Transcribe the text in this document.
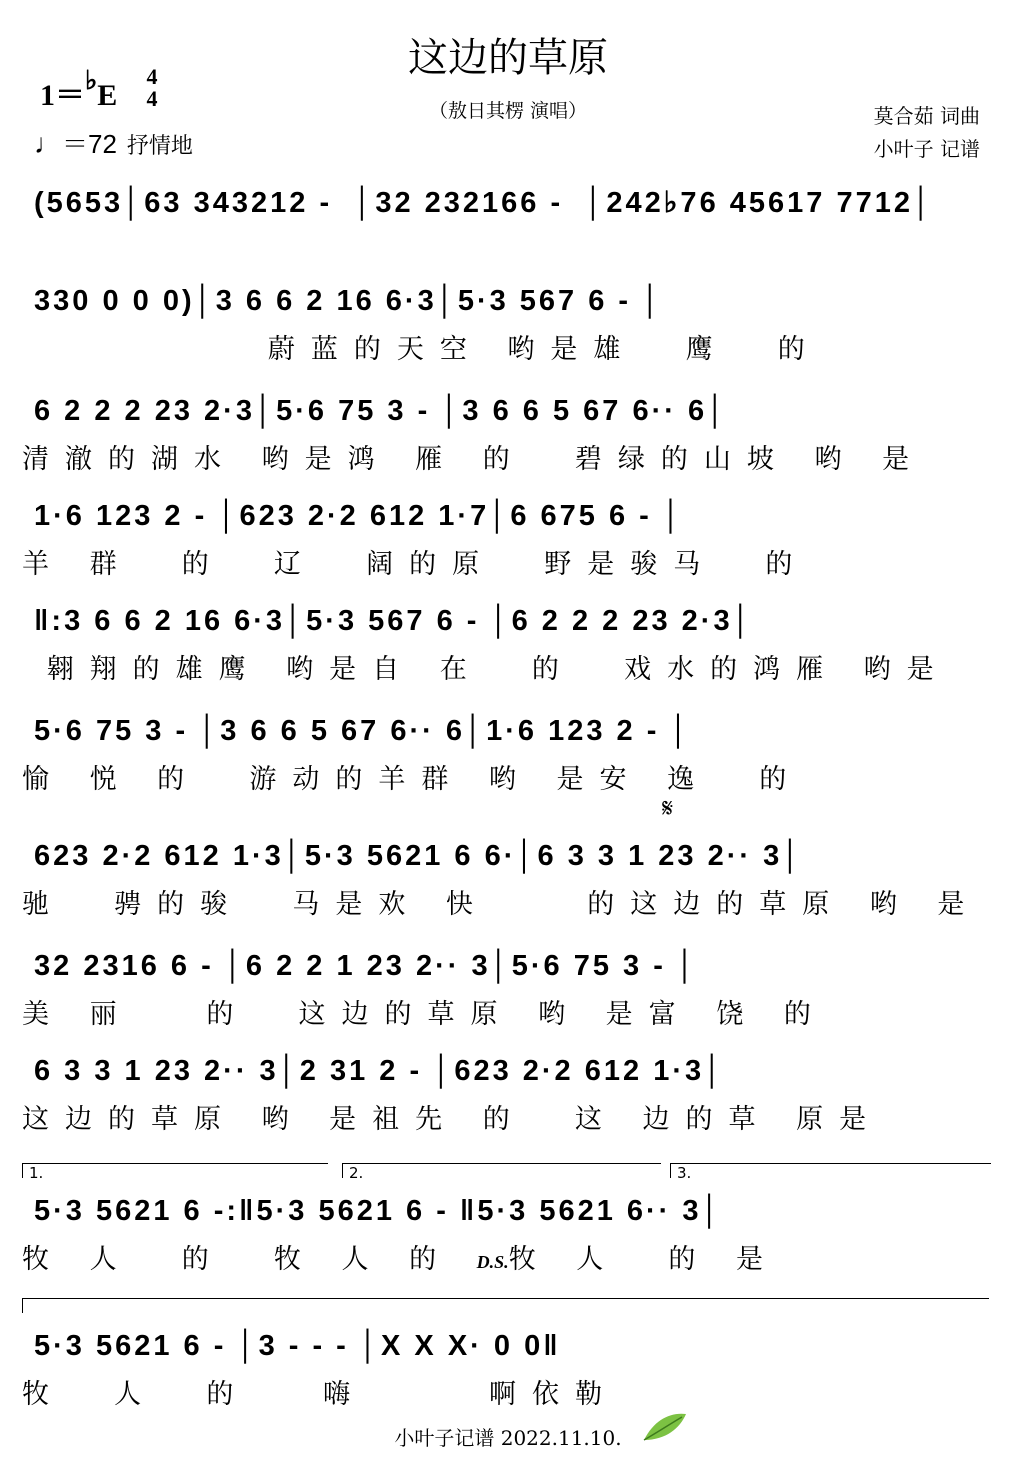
这边的草原
（敖日其楞 演唱）	莫合茹 词曲
小叶子 记谱
1＝♭E
4
4
♩＝72 抒情地
(5653│63 343212 -  │32 232166 -  │242♭76 45617 7712│
330 0 0 0)│3 6 6 2 16 6·3│5·3 567 6 - │
蔚蓝的天空 哟是雄  鹰  的
6 2 2 2 23 2·3│5·6 75 3 - │3 6 6 5 67 6·· 6│
清澈的湖水 哟是鸿 雁 的  碧绿的山坡 哟 是
1·6 123 2 - │623 2·2 612 1·7│6 675 6 - │
羊 群  的  辽  阔的原  野是骏马  的
‖:3 6 6 2 16 6·3│5·3 567 6 - │6 2 2 2 23 2·3│
翱翔的雄鹰 哟是自 在  的  戏水的鸿雁 哟是
5·6 75 3 - │3 6 6 5 67 6·· 6│1·6 123 2 - │
愉 悦 的  游动的羊群 哟 是安 逸  的
𝄋
623 2·2 612 1·3│5·3 5621 6 6·│6 3 3 1 23 2·· 3│
驰  骋的骏  马是欢 快    的这边的草原 哟 是
32 2316 6 - │6 2 2 1 23 2·· 3│5·6 75 3 - │
美 丽   的  这边的草原 哟 是富 饶 的
6 3 3 1 23 2·· 3│2 31 2 - │623 2·2 612 1·3│
这边的草原 哟 是祖先 的  这 边的草 原是
1.	2.	3.
5·3 5621 6 -:‖5·3 5621 6 - ‖5·3 5621 6·· 3│
牧 人  的  牧 人 的 D.S.牧 人  的 是
5·3 5621 6 - │3 - - - │X X X· 0 0‖
牧  人  的   嗨     啊依勒
小叶子记谱 2022.11.10.
